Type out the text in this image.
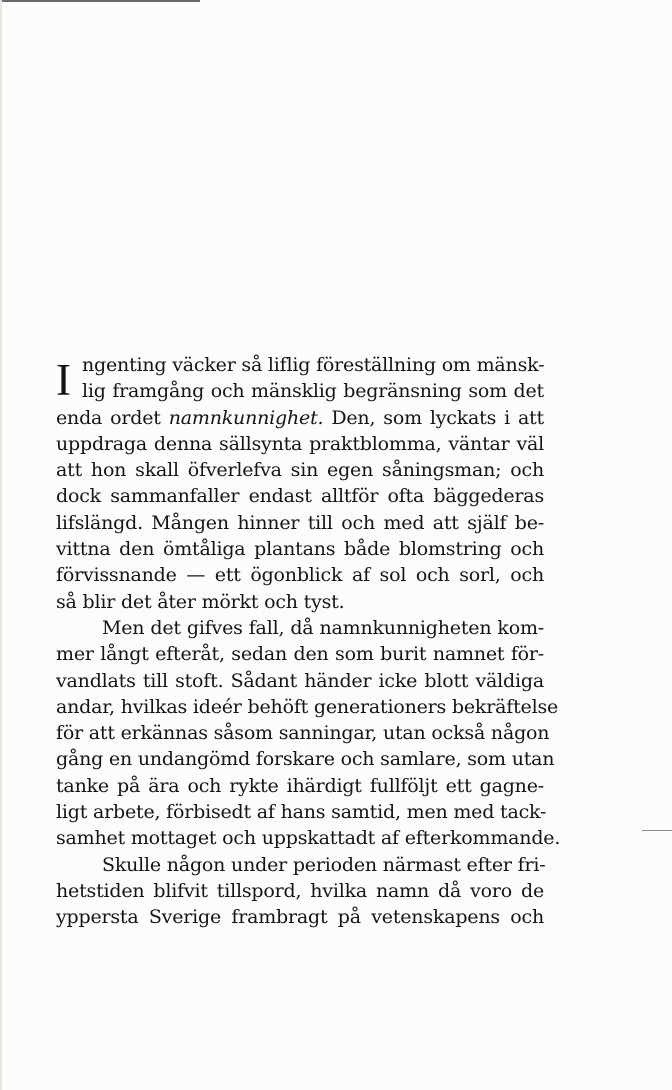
I ngenting väcker så liflig föreställning om mänsk-
lig framgång och mänsklig begränsning som det
enda ordet namnkunnighet. Den, som lyckats i att
uppdraga denna sällsynta praktblomma, väntar väl
att hon skall öfverlefva sin egen såningsman; och
dock sammanfaller endast alltför ofta bäggederas
lifslängd. Mången hinner till och med att själf be-
vittna den ömtåliga plantans både blomstring och
förvissnande — ett ögonblick af sol och sorl, och
så blir det åter mörkt och tyst.
Men det gifves fall, då namnkunnigheten kom-
mer långt efteråt, sedan den som burit namnet för-
vandlats till stoft. Sådant händer icke blott väldiga
andar, hvilkas ideér behöft generationers bekräftelse
för att erkännas såsom sanningar, utan också någon
gång en undangömd forskare och samlare, som utan
tanke på ära och rykte ihärdigt fullföljt ett gagne-
ligt arbete, förbisedt af hans samtid, men med tack-
samhet mottaget och uppskattadt af efterkommande.
Skulle någon under perioden närmast efter fri-
hetstiden blifvit tillspord, hvilka namn då voro de
yppersta Sverige frambragt på vetenskapens och
